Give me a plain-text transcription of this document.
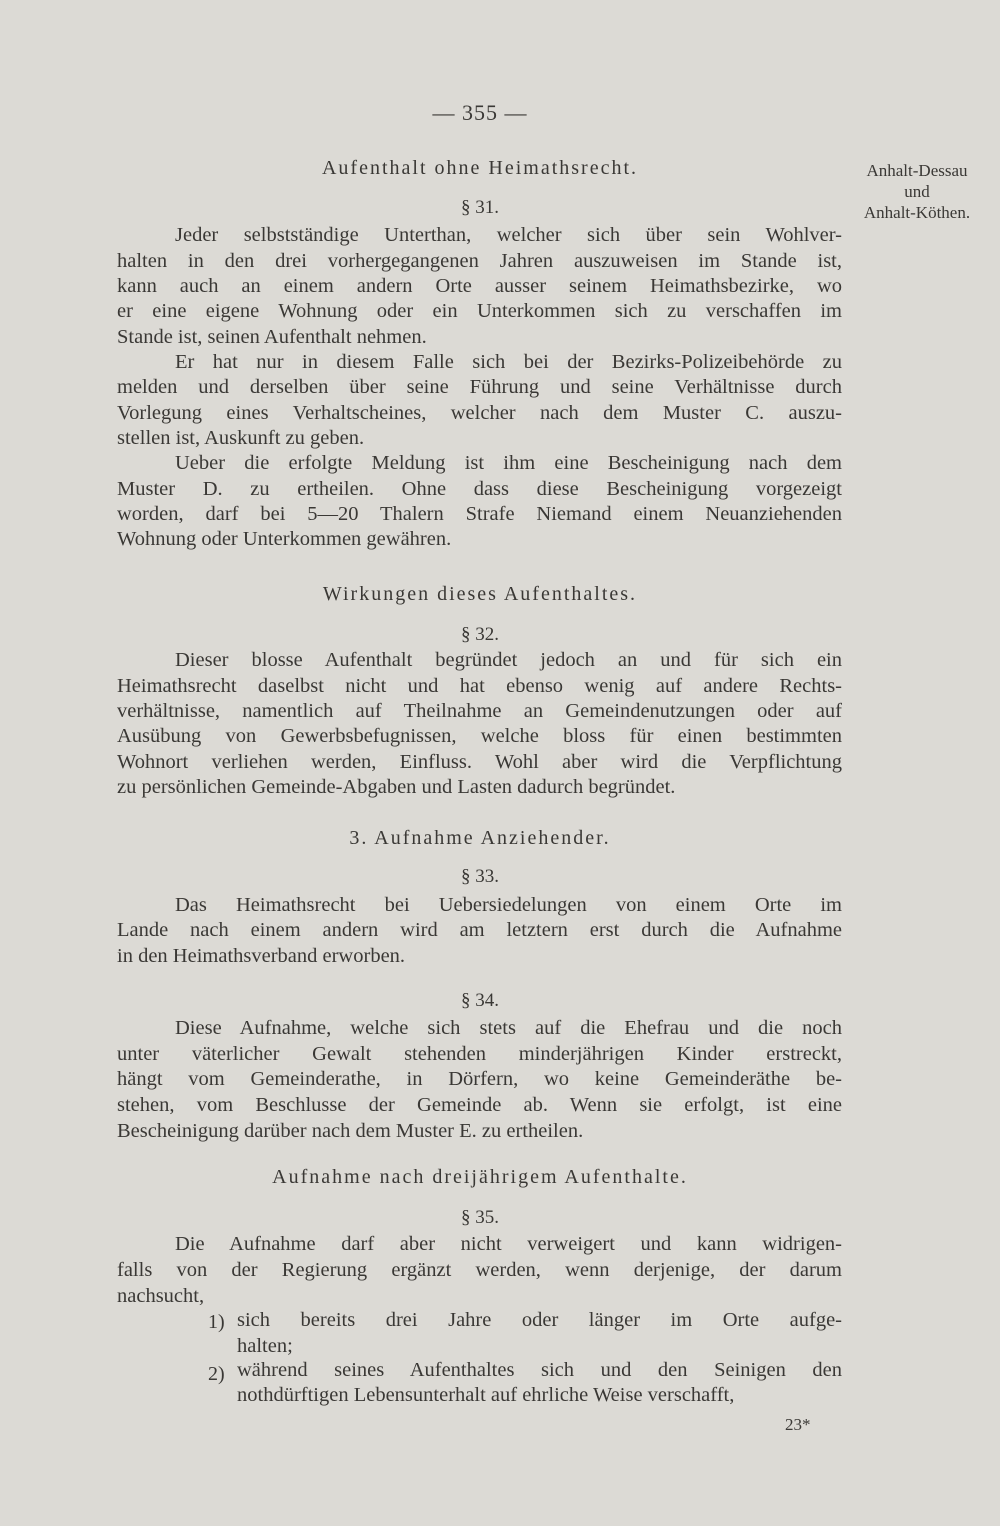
— 355 —
Anhalt-Dessau
und
Anhalt-Köthen.
Aufenthalt ohne Heimathsrecht.
§ 31.
Jeder selbstständige Unterthan, welcher sich über sein Wohlver-
halten in den drei vorhergegangenen Jahren auszuweisen im Stande ist,
kann auch an einem andern Orte ausser seinem Heimathsbezirke, wo
er eine eigene Wohnung oder ein Unterkommen sich zu verschaffen im
Stande ist, seinen Aufenthalt nehmen.
Er hat nur in diesem Falle sich bei der Bezirks-Polizeibehörde zu
melden und derselben über seine Führung und seine Verhältnisse durch
Vorlegung eines Verhaltscheines, welcher nach dem Muster C. auszu-
stellen ist, Auskunft zu geben.
Ueber die erfolgte Meldung ist ihm eine Bescheinigung nach dem
Muster D. zu ertheilen. Ohne dass diese Bescheinigung vorgezeigt
worden, darf bei 5—20 Thalern Strafe Niemand einem Neuanziehenden
Wohnung oder Unterkommen gewähren.
Wirkungen dieses Aufenthaltes.
§ 32.
Dieser blosse Aufenthalt begründet jedoch an und für sich ein
Heimathsrecht daselbst nicht und hat ebenso wenig auf andere Rechts-
verhältnisse, namentlich auf Theilnahme an Gemeindenutzungen oder auf
Ausübung von Gewerbsbefugnissen, welche bloss für einen bestimmten
Wohnort verliehen werden, Einfluss. Wohl aber wird die Verpflichtung
zu persönlichen Gemeinde-Abgaben und Lasten dadurch begründet.
3. Aufnahme Anziehender.
§ 33.
Das Heimathsrecht bei Uebersiedelungen von einem Orte im
Lande nach einem andern wird am letztern erst durch die Aufnahme
in den Heimathsverband erworben.
§ 34.
Diese Aufnahme, welche sich stets auf die Ehefrau und die noch
unter väterlicher Gewalt stehenden minderjährigen Kinder erstreckt,
hängt vom Gemeinderathe, in Dörfern, wo keine Gemeinderäthe be-
stehen, vom Beschlusse der Gemeinde ab. Wenn sie erfolgt, ist eine
Bescheinigung darüber nach dem Muster E. zu ertheilen.
Aufnahme nach dreijährigem Aufenthalte.
§ 35.
Die Aufnahme darf aber nicht verweigert und kann widrigen-
falls von der Regierung ergänzt werden, wenn derjenige, der darum
nachsucht,
1) sich bereits drei Jahre oder länger im Orte aufge-
halten;
2) während seines Aufenthaltes sich und den Seinigen den
nothdürftigen Lebensunterhalt auf ehrliche Weise verschafft,
23*
